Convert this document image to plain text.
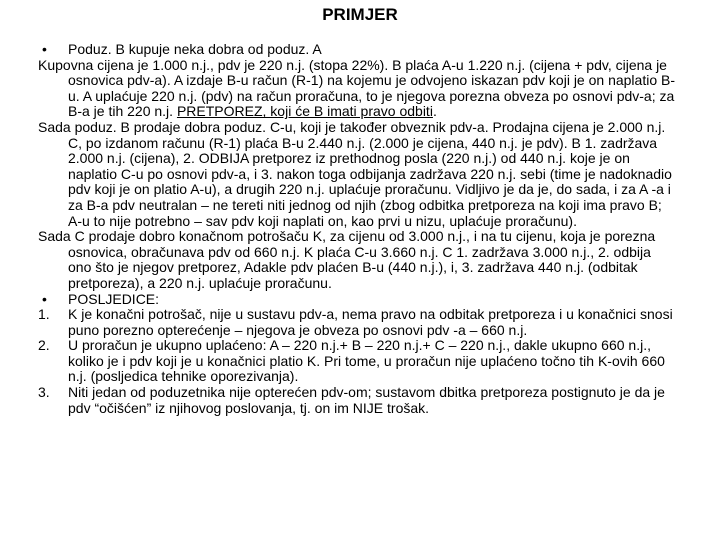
PRIMJER

• Poduz. B kupuje neka dobra od poduz. A

Kupovna cijena je 1.000 n.j., pdv je 220 n.j. (stopa 22%). B plaća A-u 1.220 n.j. (cijena + pdv, cijena je osnovica pdv-a). A izdaje B-u račun (R-1) na kojemu je odvojeno iskazan pdv koji je on naplatio B-u. A uplaćuje 220 n.j. (pdv) na račun proračuna, to je njegova porezna obveza po osnovi pdv-a; za B-a je tih 220 n.j. PRETPOREZ, koji će B imati pravo odbiti.

Sada poduz. B prodaje dobra poduz. C-u, koji je također obveznik pdv-a. Prodajna cijena je 2.000 n.j. C, po izdanom računu (R-1) plaća B-u 2.440 n.j. (2.000 je cijena, 440 n.j. je pdv). B 1. zadržava 2.000 n.j. (cijena), 2. ODBIJA pretporez iz prethodnog posla (220 n.j.) od 440 n.j. koje je on naplatio C-u po osnovi pdv-a, i 3. nakon toga odbijanja zadržava 220 n.j. sebi (time je nadoknadio pdv koji je on platio A-u), a drugih 220 n.j. uplaćuje proračunu. Vidljivo je da je, do sada, i za A -a i za B-a pdv neutralan – ne tereti niti jednog od njih (zbog odbitka pretporeza na koji ima pravo B; A-u to nije potrebno – sav pdv koji naplati on, kao prvi u nizu, uplaćuje proračunu).

Sada C prodaje dobro konačnom potrošaču K, za cijenu od 3.000 n.j., i na tu cijenu, koja je porezna osnovica, obračunava pdv od 660 n.j. K plaća C-u 3.660 n.j. C 1. zadržava 3.000 n.j., 2. odbija ono što je njegov pretporez, Adakle pdv plaćen B-u (440 n.j.), i, 3. zadržava 440 n.j. (odbitak pretporeza), a 220 n.j. uplaćuje proračunu.

• POSLJEDICE:

1. K je konačni potrošač, nije u sustavu pdv-a, nema pravo na odbitak pretporeza i u konačnici snosi puno porezno opterećenje – njegova je obveza po osnovi pdv -a – 660 n.j.

2. U proračun je ukupno uplaćeno: A – 220 n.j.+ B – 220 n.j.+ C – 220 n.j., dakle ukupno 660 n.j., koliko je i pdv koji je u konačnici platio K. Pri tome, u proračun nije uplaćeno točno tih K-ovih 660 n.j. (posljedica tehnike oporezivanja).

3. Niti jedan od poduzetnika nije opterećen pdv-om; sustavom dbitka pretporeza postignuto je da je pdv “očišćen” iz njihovog poslovanja, tj. on im NIJE trošak.
